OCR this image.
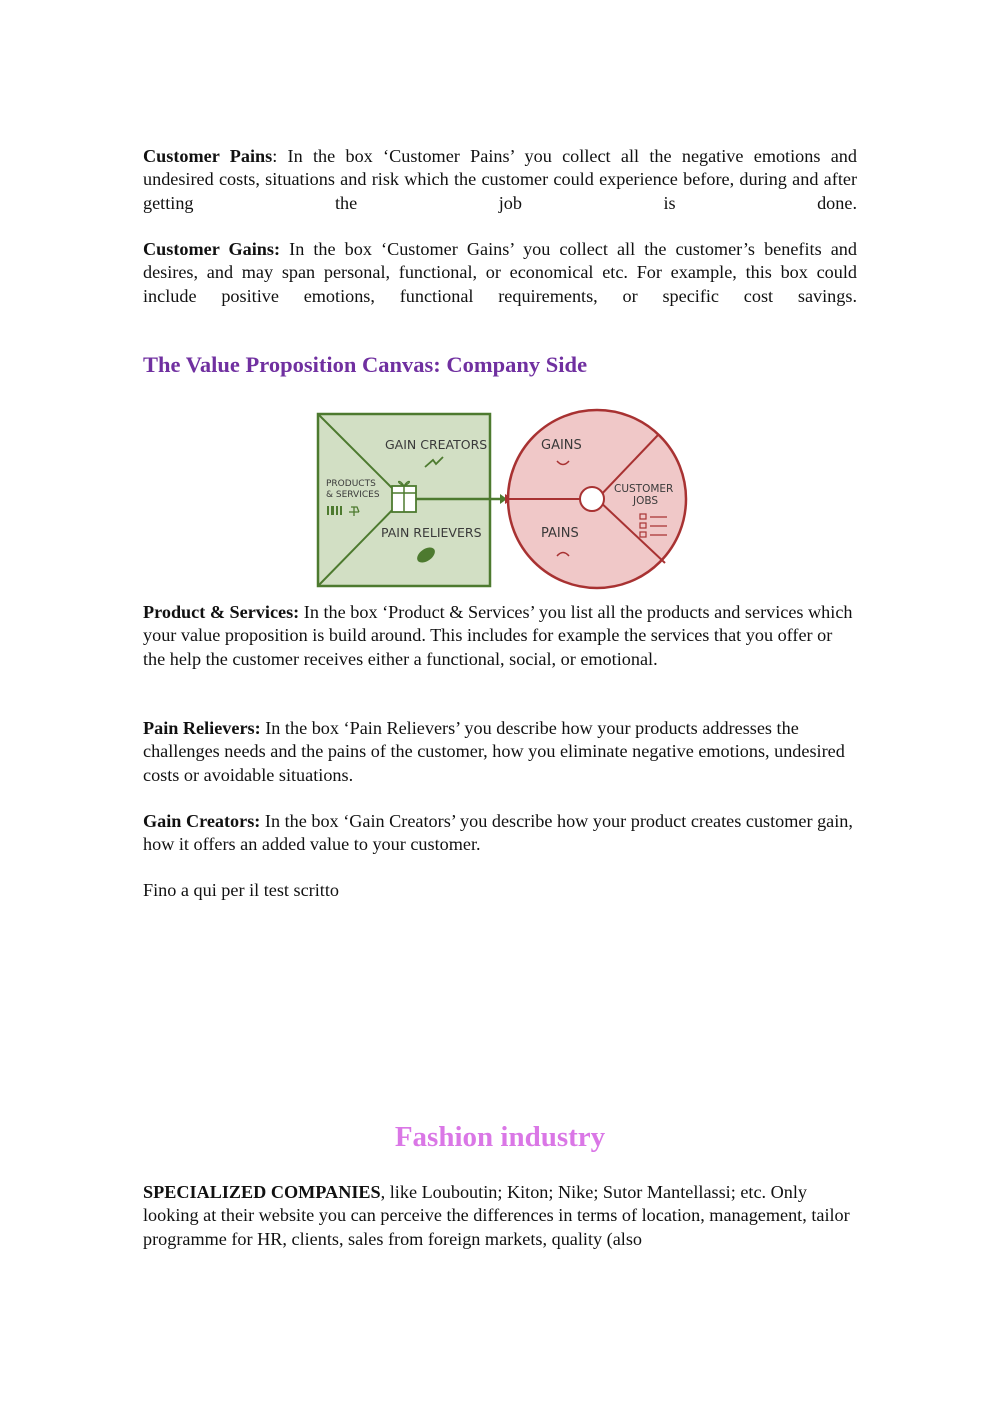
Customer Pains: In the box ‘Customer Pains’ you collect all the negative emotions and undesired costs, situations and risk which the customer could experience before, during and after getting the job is done.

Customer Gains: In the box ‘Customer Gains’ you collect all the customer’s benefits and desires, and may span personal, functional, or economical etc. For example, this box could include positive emotions, functional requirements, or specific cost savings.

The Value Proposition Canvas: Company Side

Product & Services: In the box ‘Product & Services’ you list all the products and services which your value proposition is build around. This includes for example the services that you offer or the help the customer receives either a functional, social, or emotional.

Pain Relievers: In the box ‘Pain Relievers’ you describe how your products addresses the challenges needs and the pains of the customer, how you eliminate negative emotions, undesired costs or avoidable situations.

Gain Creators: In the box ‘Gain Creators’ you describe how your product creates customer gain, how it offers an added value to your customer.

Fino a qui per il test scritto

Fashion industry

SPECIALIZED COMPANIES, like Louboutin; Kiton; Nike; Sutor Mantellassi; etc. Only looking at their website you can perceive the differences in terms of location, management, tailor programme for HR, clients, sales from foreign markets, quality (also

GAIN CREATORS
PRODUCTS
& SERVICES
PAIN RELIEVERS
GAINS
PAINS
CUSTOMER
JOBS
